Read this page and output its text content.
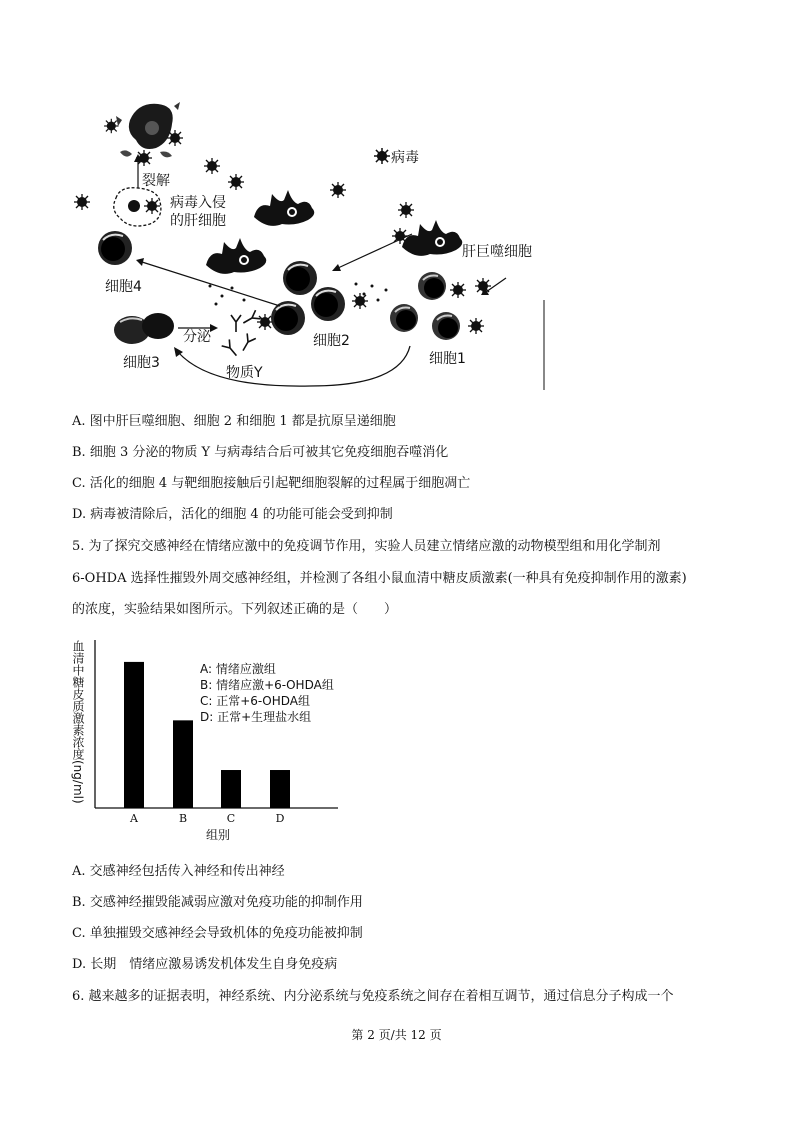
裂解
病毒入侵
的肝细胞
病毒
细胞4
肝巨噬细胞
分泌	细胞2
细胞3
物质Y
细胞1
A. 图中肝巨噬细胞、细胞 2 和细胞 1 都是抗原呈递细胞
B. 细胞 3 分泌的物质 Y 与病毒结合后可被其它免疫细胞吞噬消化
C. 活化的细胞 4 与靶细胞接触后引起靶细胞裂解的过程属于细胞凋亡
D. 病毒被清除后，活化的细胞 4 的功能可能会受到抑制
5. 为了探究交感神经在情绪应激中的免疫调节作用，实验人员建立情绪应激的动物模型组和用化学制剂
6-OHDA 选择性摧毁外周交感神经组，并检测了各组小鼠血清中糖皮质激素(一种具有免疫抑制作用的激素)
的浓度，实验结果如图所示。下列叙述正确的是（　　）
血清中糖皮质激素浓度(ng/ml)
A	B	C	D
组别
A: 情绪应激组
B: 情绪应激+6-OHDA组
C: 正常+6-OHDA组
D: 正常+生理盐水组
A. 交感神经包括传入神经和传出神经
B. 交感神经摧毁能减弱应激对免疫功能的抑制作用
C. 单独摧毁交感神经会导致机体的免疫功能被抑制
D. 长期　情绪应激易诱发机体发生自身免疫病
6. 越来越多的证据表明，神经系统、内分泌系统与免疫系统之间存在着相互调节，通过信息分子构成一个
第 2 页/共 12 页
